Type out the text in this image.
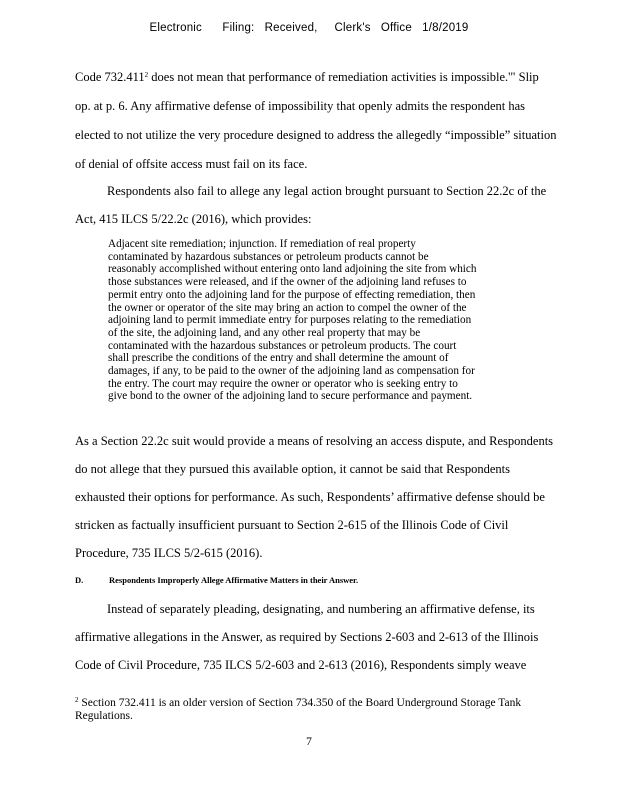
Electronic      Filing:   Received,     Clerk's   Office   1/8/2019
Code 732.411$^2$ does not mean that performance of remediation activities is impossible.'" Slip
op. at p. 6. Any affirmative defense of impossibility that openly admits the respondent has
elected to not utilize the very procedure designed to address the allegedly “impossible” situation
of denial of offsite access must fail on its face.
Respondents also fail to allege any legal action brought pursuant to Section 22.2c of the
Act, 415 ILCS 5/22.2c (2016), which provides:
Adjacent site remediation; injunction. If remediation of real property
contaminated by hazardous substances or petroleum products cannot be
reasonably accomplished without entering onto land adjoining the site from which
those substances were released, and if the owner of the adjoining land refuses to
permit entry onto the adjoining land for the purpose of effecting remediation, then
the owner or operator of the site may bring an action to compel the owner of the
adjoining land to permit immediate entry for purposes relating to the remediation
of the site, the adjoining land, and any other real property that may be
contaminated with the hazardous substances or petroleum products. The court
shall prescribe the conditions of the entry and shall determine the amount of
damages, if any, to be paid to the owner of the adjoining land as compensation for
the entry. The court may require the owner or operator who is seeking entry to
give bond to the owner of the adjoining land to secure performance and payment.
As a Section 22.2c suit would provide a means of resolving an access dispute, and Respondents
do not allege that they pursued this available option, it cannot be said that Respondents
exhausted their options for performance. As such, Respondents’ affirmative defense should be
stricken as factually insufficient pursuant to Section 2-615 of the Illinois Code of Civil
Procedure, 735 ILCS 5/2-615 (2016).
D.	Respondents Improperly Allege Affirmative Matters in their Answer.
Instead of separately pleading, designating, and numbering an affirmative defense, its
affirmative allegations in the Answer, as required by Sections 2-603 and 2-613 of the Illinois
Code of Civil Procedure, 735 ILCS 5/2-603 and 2-613 (2016), Respondents simply weave
$^2$ Section 732.411 is an older version of Section 734.350 of the Board Underground Storage Tank
Regulations.
7
